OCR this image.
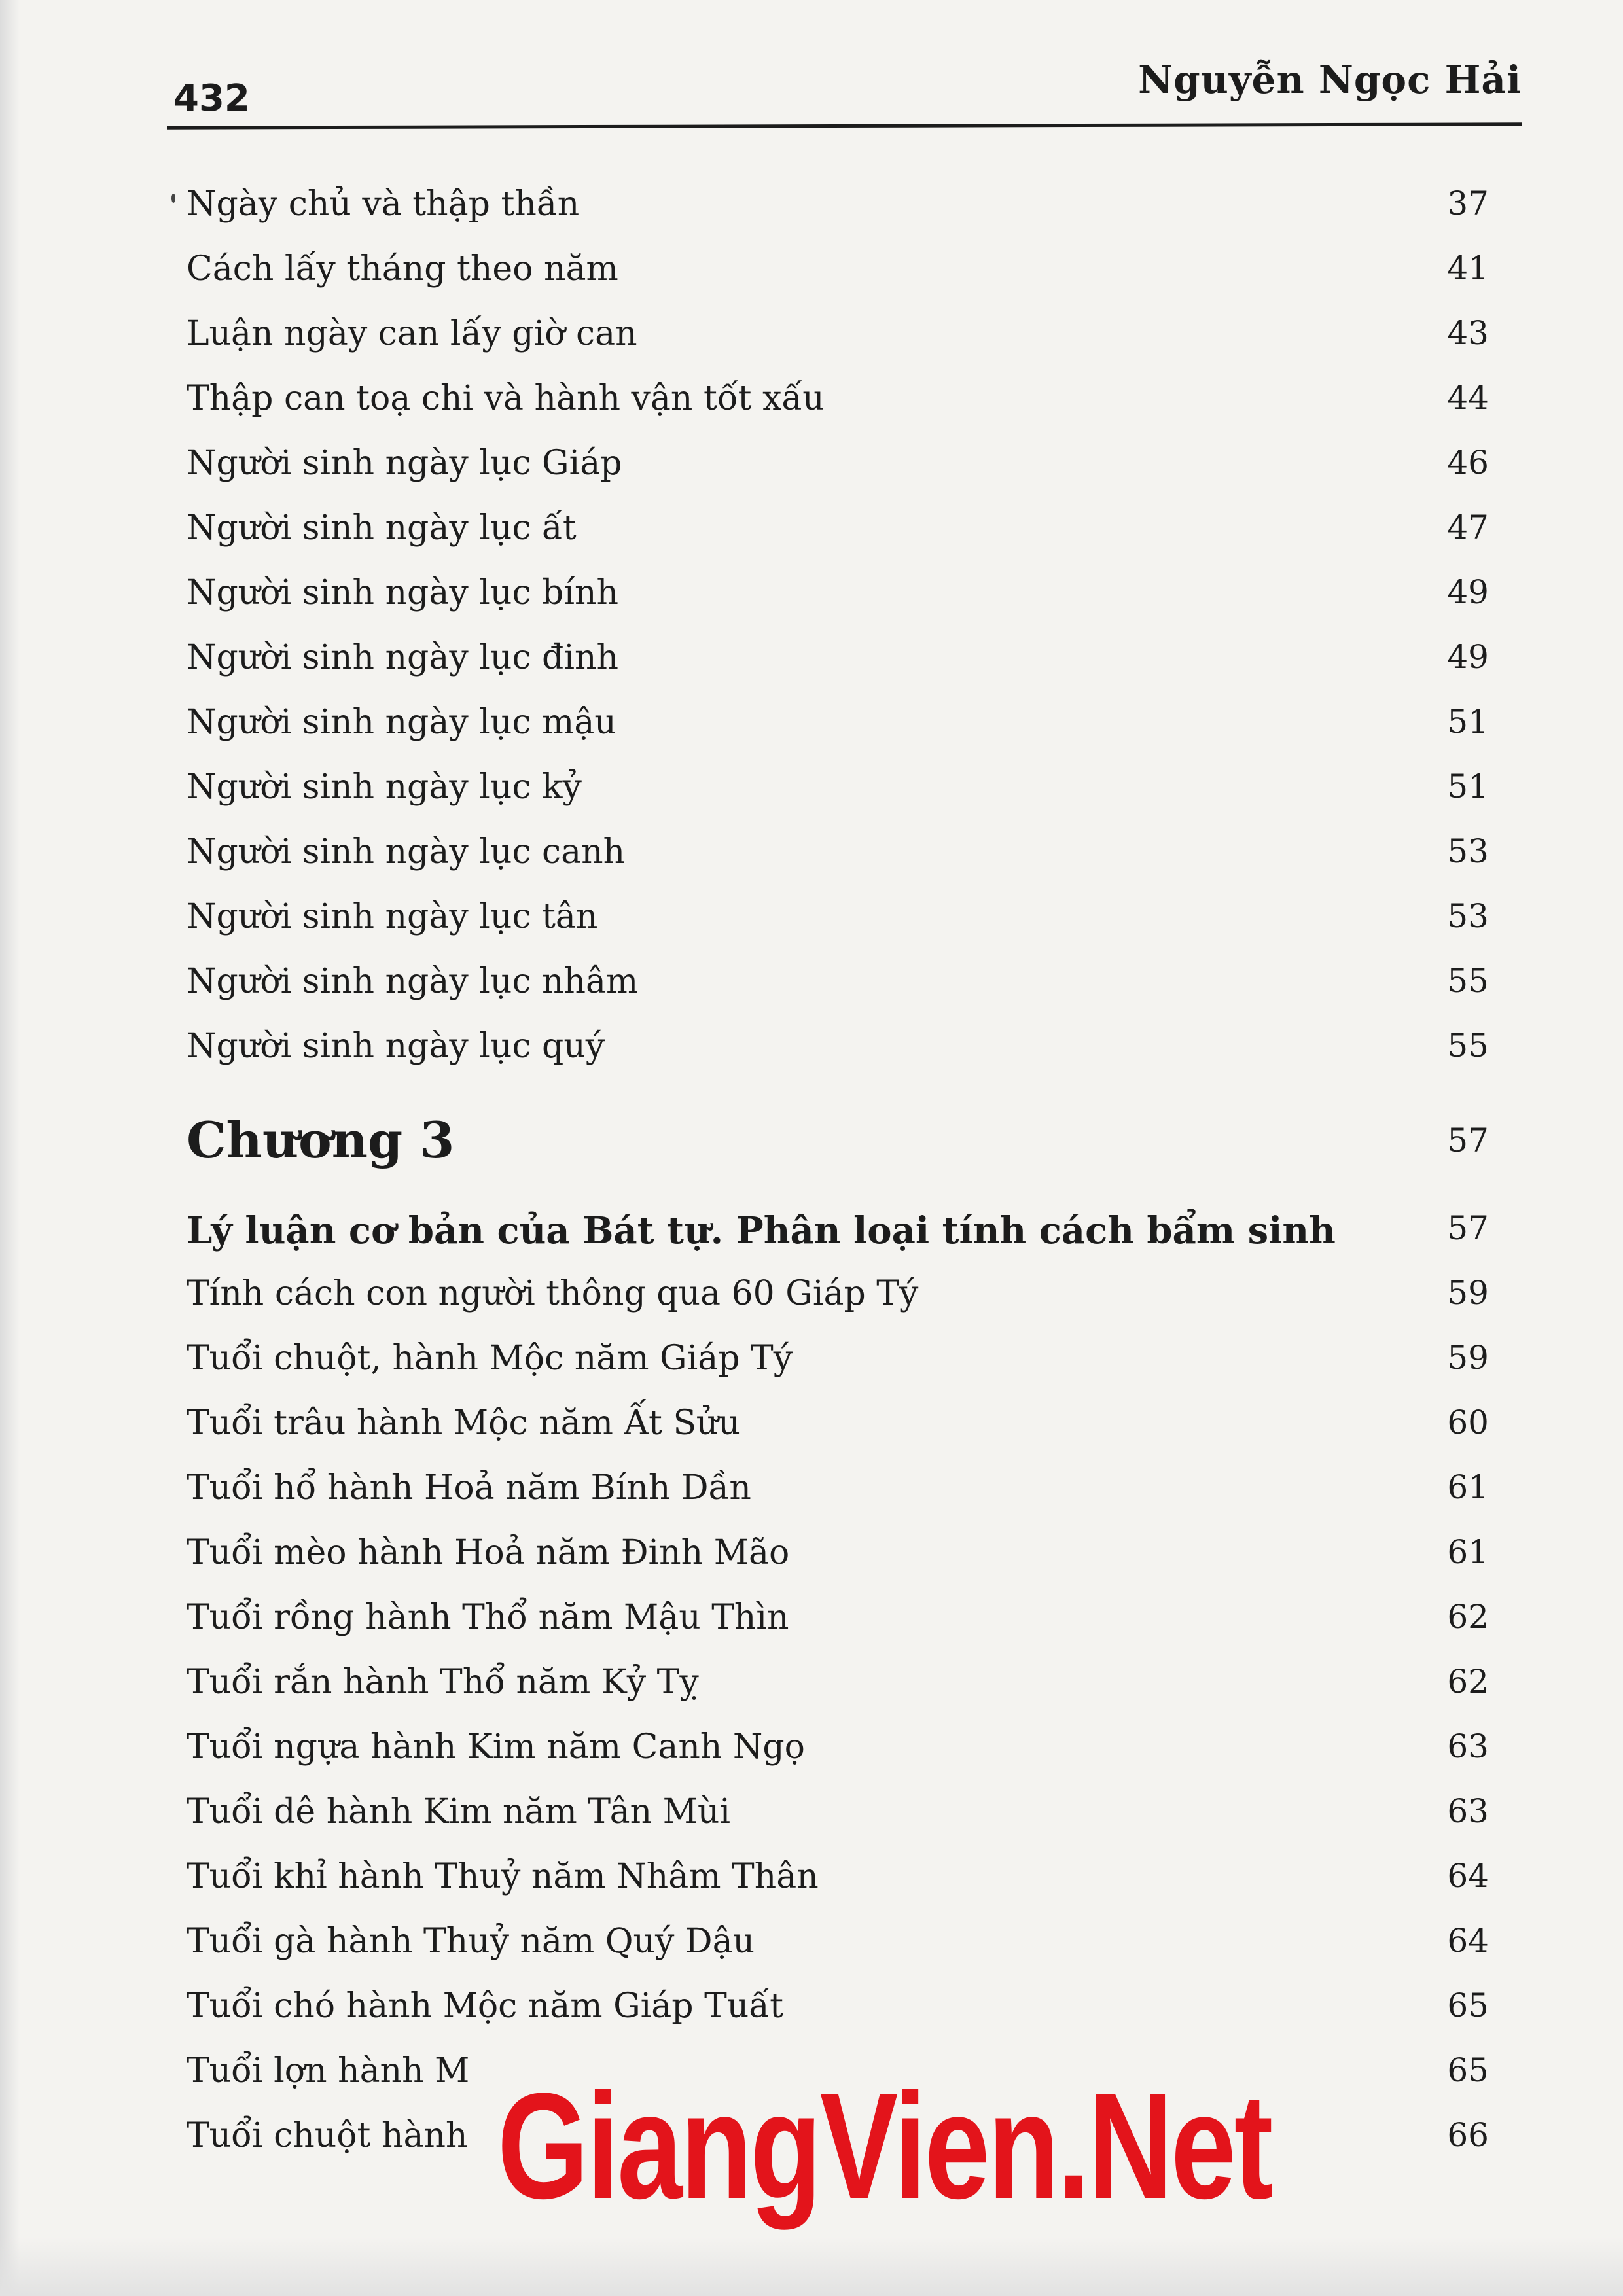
432	Nguyễn Ngọc Hải
Ngày chủ và thập thần	37
Cách lấy tháng theo năm	41
Luận ngày can lấy giờ can	43
Thập can toạ chi và hành vận tốt xấu	44
Người sinh ngày lục Giáp	46
Người sinh ngày lục ất	47
Người sinh ngày lục bính	49
Người sinh ngày lục đinh	49
Người sinh ngày lục mậu	51
Người sinh ngày lục kỷ	51
Người sinh ngày lục canh	53
Người sinh ngày lục tân	53
Người sinh ngày lục nhâm	55
Người sinh ngày lục quý	55
Chương 3	57
Lý luận cơ bản của Bát tự. Phân loại tính cách bẩm sinh	57
Tính cách con người thông qua 60 Giáp Tý	59
Tuổi chuột, hành Mộc năm Giáp Tý	59
Tuổi trâu hành Mộc năm Ất Sửu	60
Tuổi hổ hành Hoả năm Bính Dần	61
Tuổi mèo hành Hoả năm Đinh Mão	61
Tuổi rồng hành Thổ năm Mậu Thìn	62
Tuổi rắn hành Thổ năm Kỷ Tỵ	62
Tuổi ngựa hành Kim năm Canh Ngọ	63
Tuổi dê hành Kim năm Tân Mùi	63
Tuổi khỉ hành Thuỷ năm Nhâm Thân	64
Tuổi gà hành Thuỷ năm Quý Dậu	64
Tuổi chó hành Mộc năm Giáp Tuất	65
Tuổi lợn hành M	65
Tuổi chuột hành	66
GiangVien.Net
